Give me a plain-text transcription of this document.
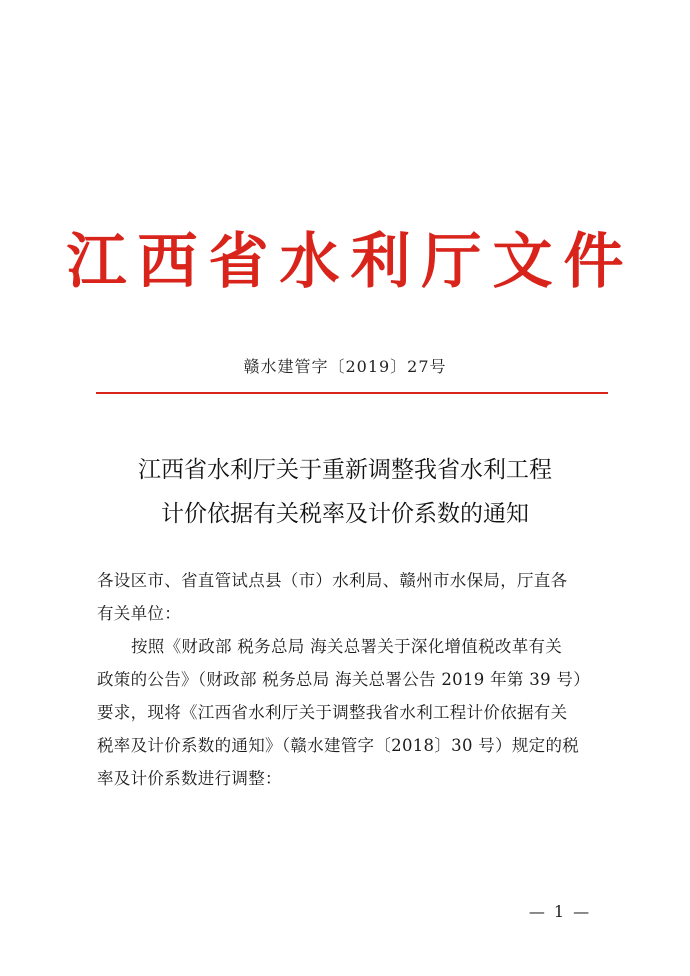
江西省水利厅文件
赣水建管字〔2019〕27号
江西省水利厅关于重新调整我省水利工程
计价依据有关税率及计价系数的通知

各设区市、省直管试点县（市）水利局、赣州市水保局，厅直各
有关单位：

按照《财政部 税务总局 海关总署关于深化增值税改革有关
政策的公告》（财政部 税务总局 海关总署公告 2019 年第 39 号）
要求，现将《江西省水利厅关于调整我省水利工程计价依据有关
税率及计价系数的通知》（赣水建管字〔2018〕30 号）规定的税
率及计价系数进行调整：

— 1 —
